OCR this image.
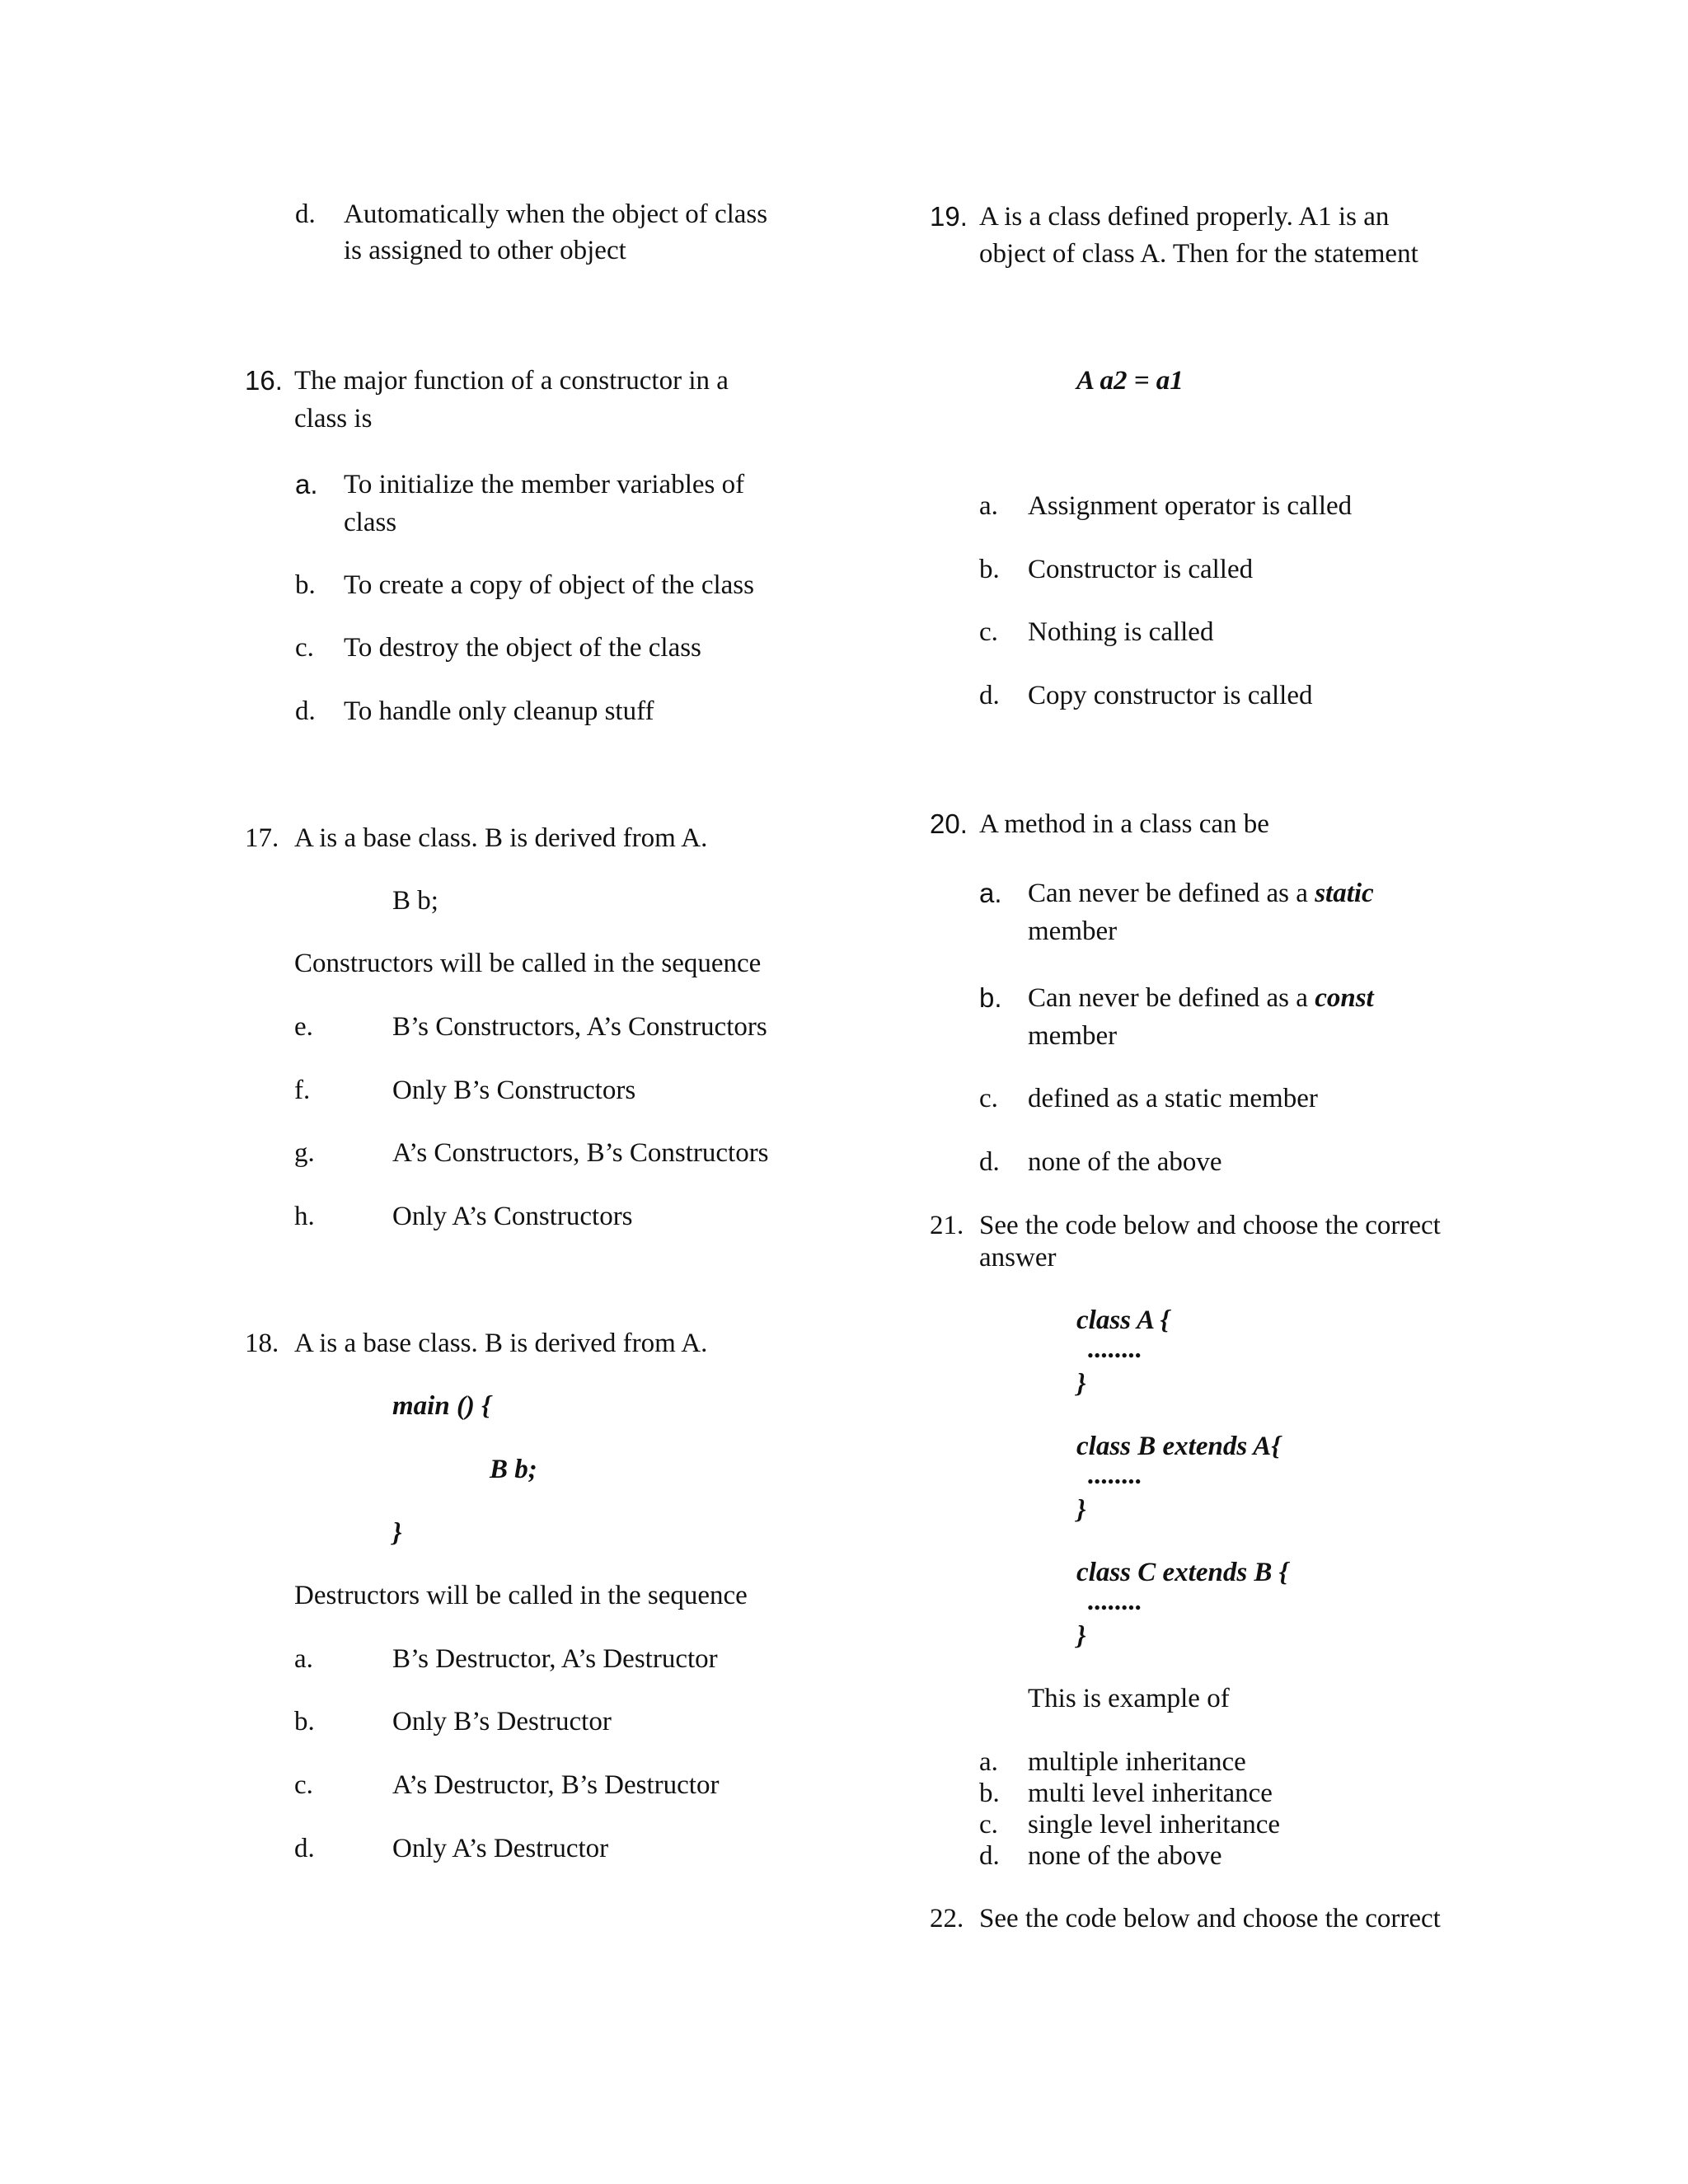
d. Automatically when the object of class
is assigned to other object
16. The major function of a constructor in a
class is
a. To initialize the member variables of
class
b. To create a copy of object of the class
c. To destroy the object of the class
d. To handle only cleanup stuff
17. A is a base class. B is derived from A.
B b;
Constructors will be called in the sequence
e.	B’s Constructors, A’s Constructors
f.	Only B’s Constructors
g.	A’s Constructors, B’s Constructors
h.	Only A’s Constructors
18. A is a base class. B is derived from A.
main () {
B b;
}
Destructors will be called in the sequence
a.	B’s Destructor, A’s Destructor
b.	Only B’s Destructor
c.	A’s Destructor, B’s Destructor
d.	Only A’s Destructor
19. A is a class defined properly. A1 is an
object of class A. Then for the statement
A a2 = a1
a. Assignment operator is called
b. Constructor is called
c. Nothing is called
d. Copy constructor is called
20. A method in a class can be
a. Can never be defined as a static
member
b. Can never be defined as a const
member
c. defined as a static member
d. none of the above
21. See the code below and choose the correct
answer
class A {
........
}
class B extends A{
........
}
class C extends B {
........
}
This is example of
a. multiple inheritance
b. multi level inheritance
c. single level inheritance
d. none of the above
22. See the code below and choose the correct
